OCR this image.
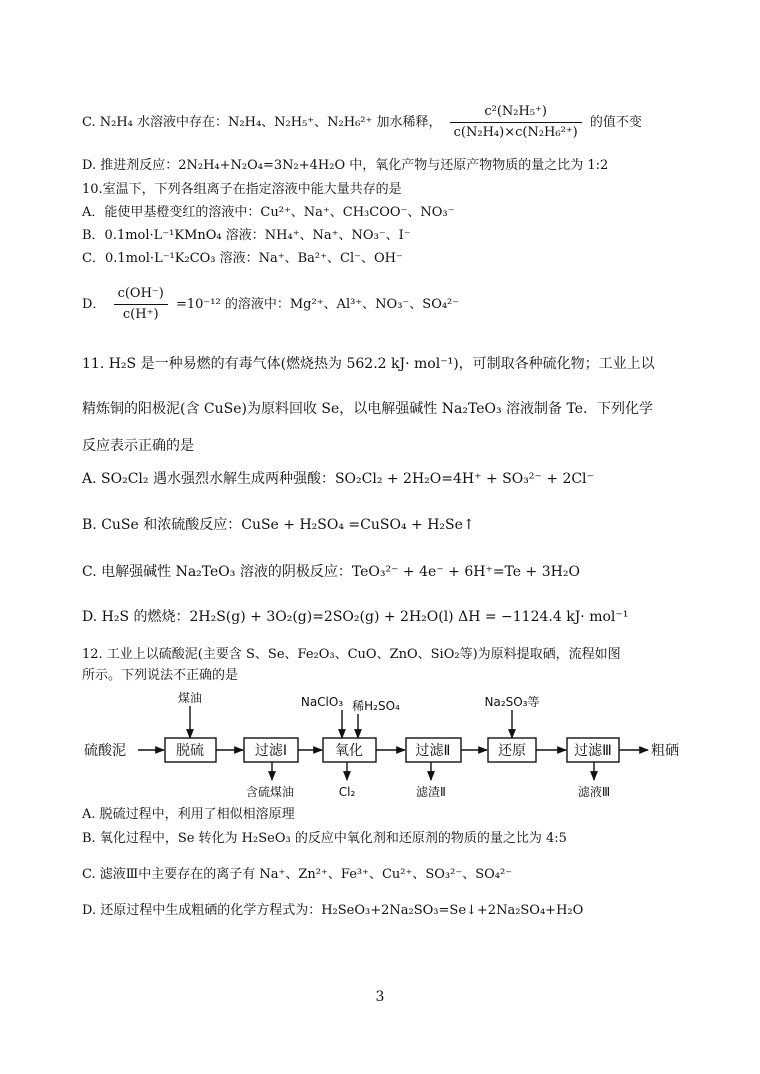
C. N₂H₄ 水溶液中存在：N₂H₄、N₂H₅⁺、N₂H₆²⁺ 加水稀释， $\frac{\text{c²(N₂H₅⁺)}}{\text{c(N₂H₄)×c(N₂H₆²⁺)}}$ 的值不变
D. 推进剂反应：2N₂H₄+N₂O₄=3N₂+4H₂O 中，氧化产物与还原产物物质的量之比为 1:2
10.室温下，下列各组离子在指定溶液中能大量共存的是
A．能使甲基橙变红的溶液中：Cu²⁺、Na⁺、CH₃COO⁻、NO₃⁻
B．0.1mol·L⁻¹KMnO₄ 溶液：NH₄⁺、Na⁺、NO₃⁻、I⁻
C．0.1mol·L⁻¹K₂CO₃ 溶液：Na⁺、Ba²⁺、Cl⁻、OH⁻
D． $\frac{c(OH^-)}{c(H^+)} =10^{-12}$ 的溶液中：Mg²⁺、Al³⁺、NO₃⁻、SO₄²⁻
11. H₂S 是一种易燃的有毒气体(燃烧热为 562.2 kJ· mol⁻¹)，可制取各种硫化物；工业上以
精炼铜的阳极泥(含 CuSe)为原料回收 Se，以电解强碱性 Na₂TeO₃ 溶液制备 Te．下列化学
反应表示正确的是
A. SO₂Cl₂ 遇水强烈水解生成两种强酸：SO₂Cl₂ + 2H₂O=4H⁺ + SO₃²⁻ + 2Cl⁻
B. CuSe 和浓硫酸反应：CuSe + H₂SO₄ =CuSO₄ + H₂Se↑
C. 电解强碱性 Na₂TeO₃ 溶液的阴极反应：TeO₃²⁻ + 4e⁻ + 6H⁺=Te + 3H₂O
D. H₂S 的燃烧：2H₂S(g) + 3O₂(g)=2SO₂(g) + 2H₂O(l) ΔH = −1124.4 kJ· mol⁻¹
12. 工业上以硫酸泥(主要含 S、Se、Fe₂O₃、CuO、ZnO、SiO₂等)为原料提取硒，流程如图
所示。下列说法不正确的是
硫酸泥	粗硒
脱硫	过滤Ⅰ	氧化	过滤Ⅱ	还原	过滤Ⅲ
煤油	NaClO₃ 稀H₂SO₄	Na₂SO₃等
含硫煤油	Cl₂	滤渣Ⅱ	滤液Ⅲ
A. 脱硫过程中，利用了相似相溶原理
B. 氧化过程中，Se 转化为 H₂SeO₃ 的反应中氧化剂和还原剂的物质的量之比为 4:5
C. 滤液Ⅲ中主要存在的离子有 Na⁺、Zn²⁺、Fe³⁺、Cu²⁺、SO₃²⁻、SO₄²⁻
D. 还原过程中生成粗硒的化学方程式为：H₂SeO₃+2Na₂SO₃=Se↓+2Na₂SO₄+H₂O
3
